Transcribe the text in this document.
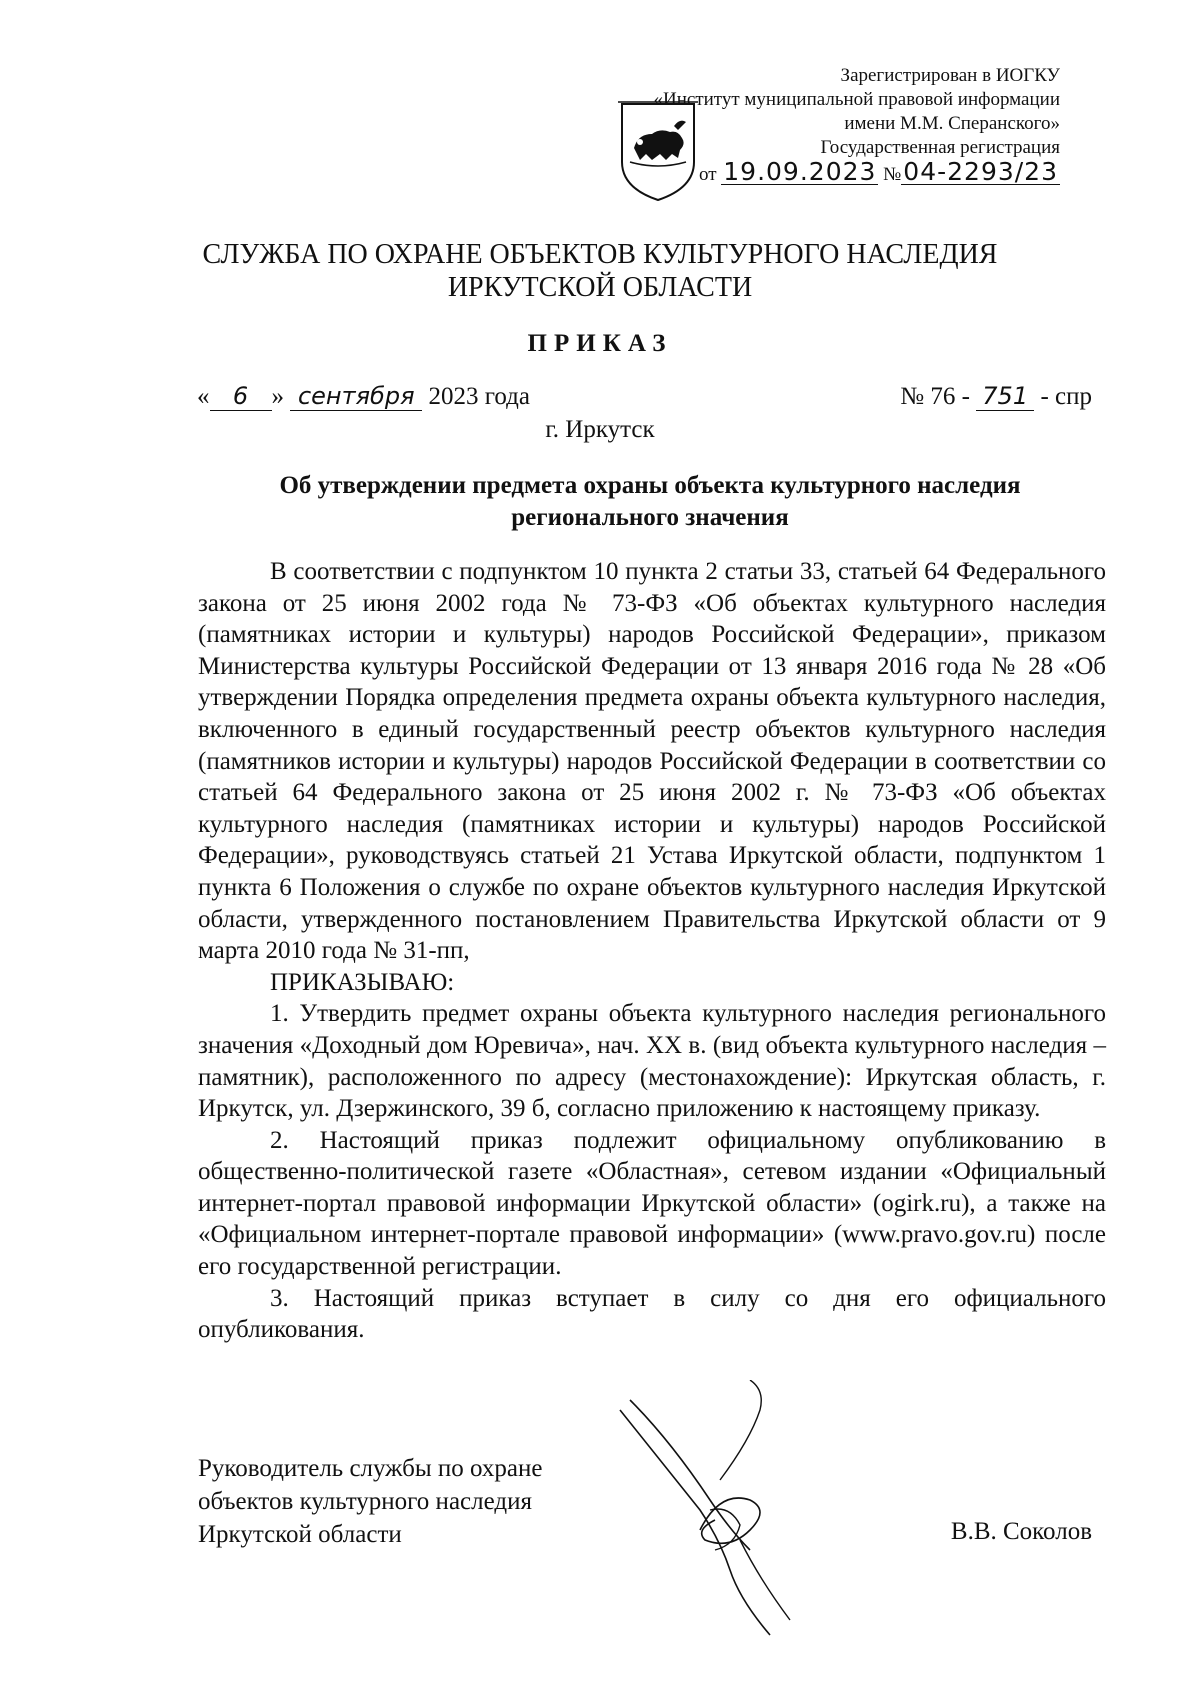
Зарегистрирован в ИОГКУ
«Институт муниципальной правовой информации
имени М.М. Сперанского»
Государственная регистрация
от 19.09.2023 №04-2293/23
СЛУЖБА ПО ОХРАНЕ ОБЪЕКТОВ КУЛЬТУРНОГО НАСЛЕДИЯ
ИРКУТСКОЙ ОБЛАСТИ
ПРИКАЗ
« 6 » сентября 2023 года	№ 76 - 751 - спр
г. Иркутск
Об утверждении предмета охраны объекта культурного наследия
регионального значения

В соответствии с подпунктом 10 пункта 2 статьи 33, статьей 64 Федерального закона от 25 июня 2002 года № 73-ФЗ «Об объектах культурного наследия (памятниках истории и культуры) народов Российской Федерации», приказом Министерства культуры Российской Федерации от 13 января 2016 года № 28 «Об утверждении Порядка определения предмета охраны объекта культурного наследия, включенного в единый государственный реестр объектов культурного наследия (памятников истории и культуры) народов Российской Федерации в соответствии со статьей 64 Федерального закона от 25 июня 2002 г. № 73-ФЗ «Об объектах культурного наследия (памятниках истории и культуры) народов Российской Федерации», руководствуясь статьей 21 Устава Иркутской области, подпунктом 1 пункта 6 Положения о службе по охране объектов культурного наследия Иркутской области, утвержденного постановлением Правительства Иркутской области от 9 марта 2010 года № 31-пп,

ПРИКАЗЫВАЮ:

1. Утвердить предмет охраны объекта культурного наследия регионального значения «Доходный дом Юревича», нач. XX в. (вид объекта культурного наследия – памятник), расположенного по адресу (местонахождение): Иркутская область, г. Иркутск, ул. Дзержинского, 39 б, согласно приложению к настоящему приказу.

2. Настоящий приказ подлежит официальному опубликованию в общественно-политической газете «Областная», сетевом издании «Официальный интернет-портал правовой информации Иркутской области» (ogirk.ru), а также на «Официальном интернет-портале правовой информации» (www.pravo.gov.ru) после его государственной регистрации.

3. Настоящий приказ вступает в силу со дня его официального опубликования.

Руководитель службы по охране
объектов культурного наследия
Иркутской области	В.В. Соколов
